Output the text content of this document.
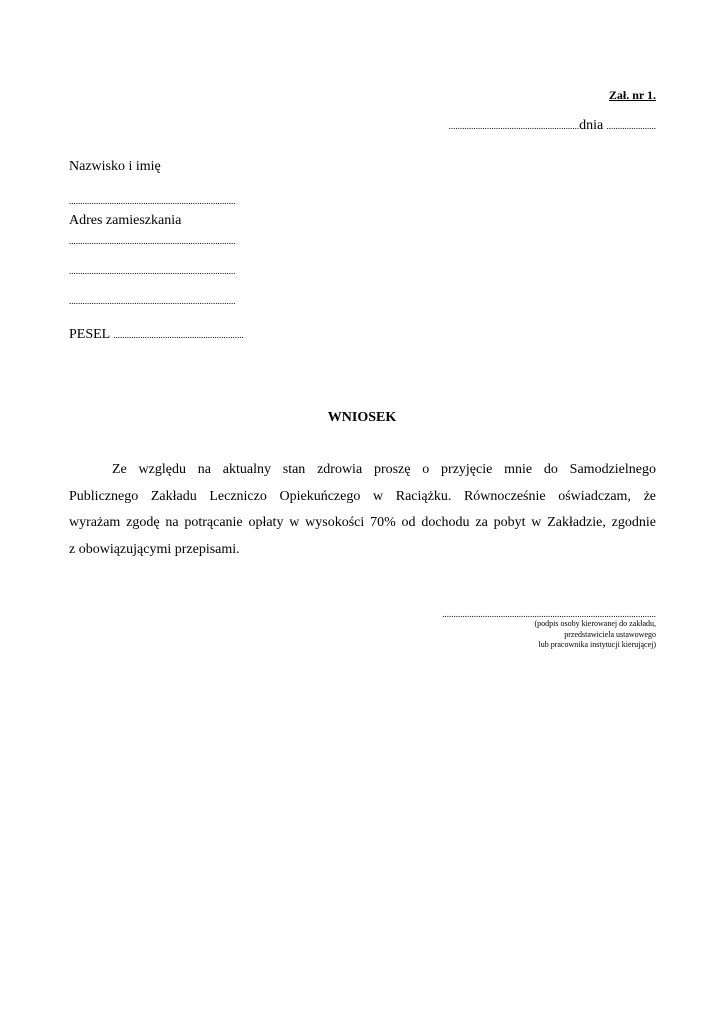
Zał. nr 1.
..........................................................dnia ......................
Nazwisko i imię
..........................................................................
Adres zamieszkania
..........................................................................
..........................................................................
..........................................................................
PESEL ..........................................................
WNIOSEK
Ze względu na aktualny stan zdrowia proszę o przyjęcie mnie do Samodzielnego
Publicznego Zakładu Leczniczo Opiekuńczego w Raciążku. Równocześnie oświadczam, że
wyrażam zgodę na potrącanie opłaty w wysokości 70% od dochodu za pobyt w Zakładzie, zgodnie
z obowiązującymi przepisami.
...............................................................................................
(podpis osoby kierowanej do zakładu,
przedstawiciela ustawowego
lub pracownika instytucji kierującej)
